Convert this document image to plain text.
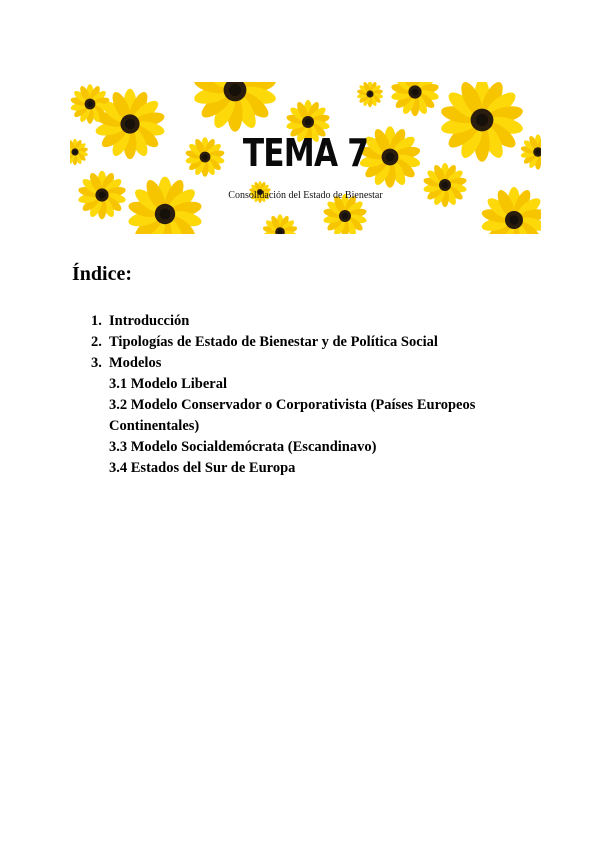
TEMA 7
Consolidación del Estado de Bienestar
Índice:
1. Introducción
2. Tipologías de Estado de Bienestar y de Política Social
3. Modelos
3.1 Modelo Liberal
3.2 Modelo Conservador o Corporativista (Países Europeos Continentales)
3.3 Modelo Socialdemócrata (Escandinavo)
3.4 Estados del Sur de Europa
